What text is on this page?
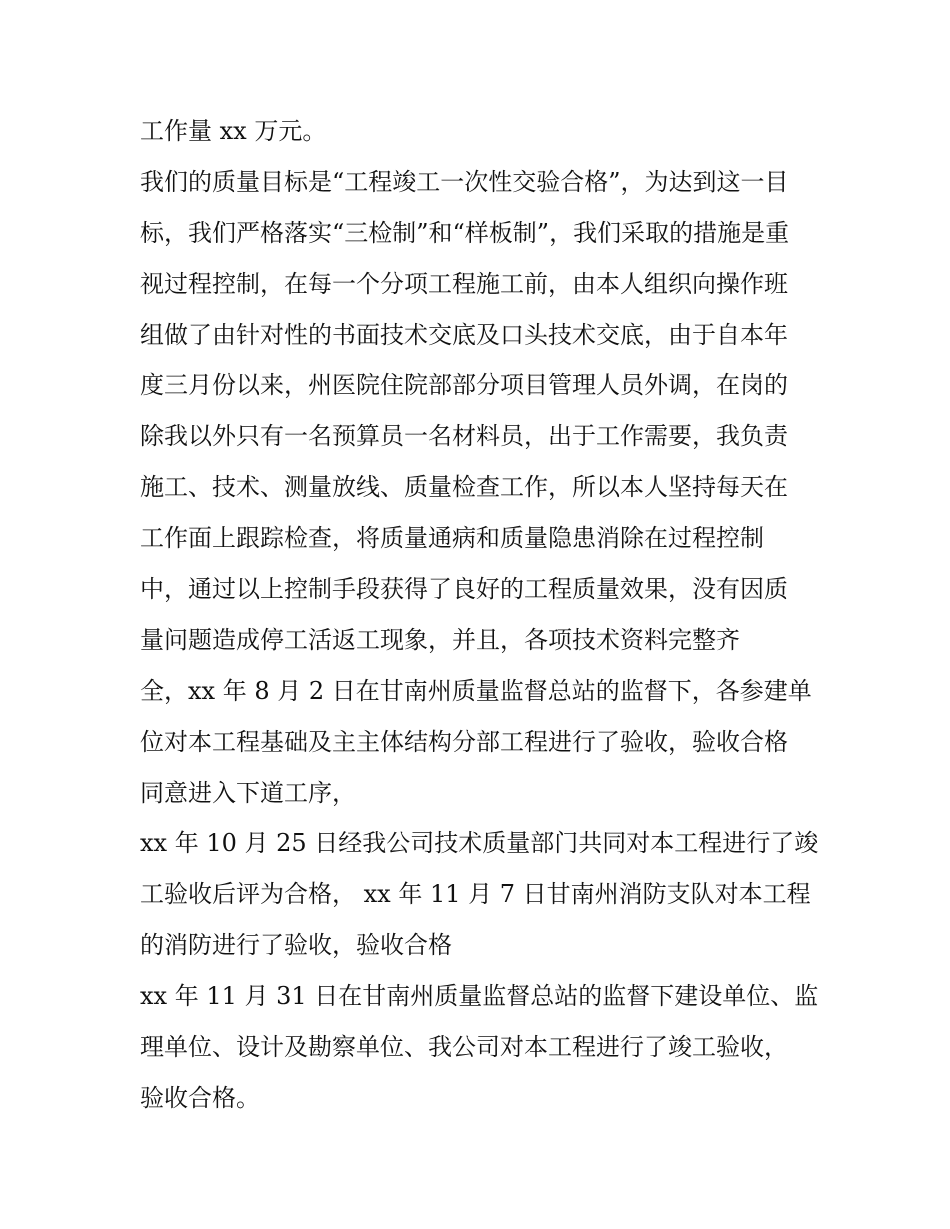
工作量 xx 万元。
我们的质量目标是“工程竣工一次性交验合格”，为达到这一目
标，我们严格落实“三检制”和“样板制”，我们采取的措施是重
视过程控制，在每一个分项工程施工前，由本人组织向操作班
组做了由针对性的书面技术交底及口头技术交底，由于自本年
度三月份以来，州医院住院部部分项目管理人员外调，在岗的
除我以外只有一名预算员一名材料员，出于工作需要，我负责
施工、技术、测量放线、质量检查工作，所以本人坚持每天在
工作面上跟踪检查，将质量通病和质量隐患消除在过程控制
中，通过以上控制手段获得了良好的工程质量效果，没有因质
量问题造成停工活返工现象，并且，各项技术资料完整齐
全，xx 年 8 月 2 日在甘南州质量监督总站的监督下，各参建单
位对本工程基础及主主体结构分部工程进行了验收，验收合格
同意进入下道工序，
xx 年 10 月 25 日经我公司技术质量部门共同对本工程进行了竣
工验收后评为合格， xx 年 11 月 7 日甘南州消防支队对本工程
的消防进行了验收，验收合格
xx 年 11 月 31 日在甘南州质量监督总站的监督下建设单位、监
理单位、设计及勘察单位、我公司对本工程进行了竣工验收，
验收合格。
